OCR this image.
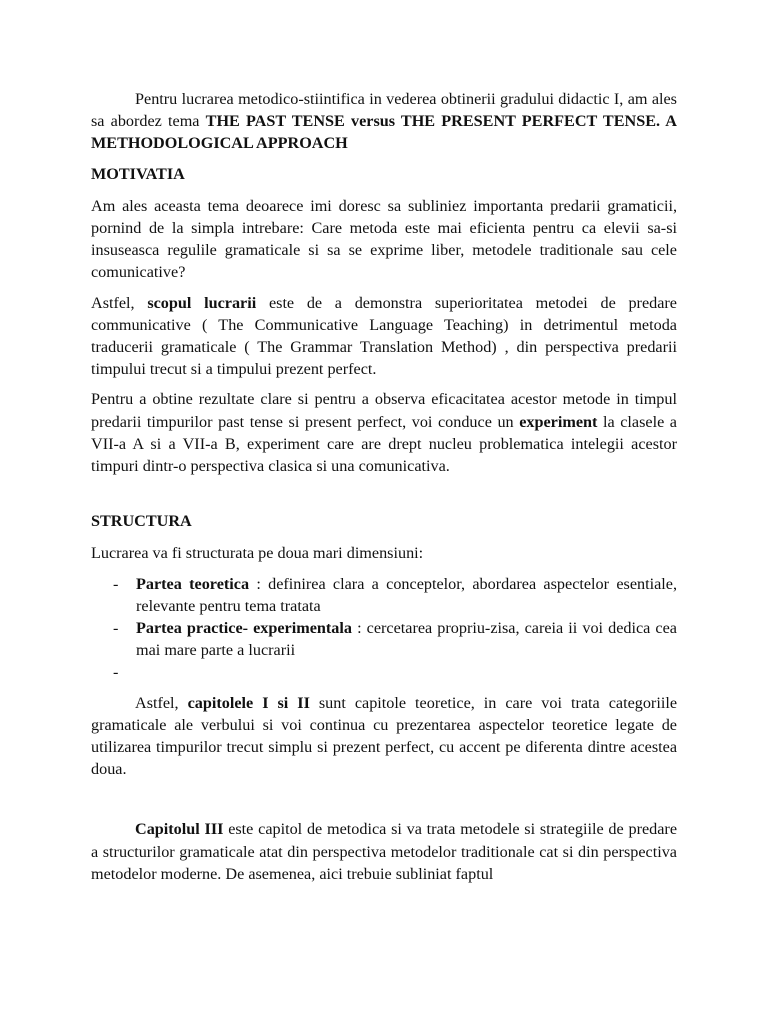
Pentru lucrarea metodico-stiintifica in vederea obtinerii gradului didactic I, am ales sa abordez tema THE PAST TENSE versus THE PRESENT PERFECT TENSE. A METHODOLOGICAL APPROACH

MOTIVATIA

Am ales aceasta tema deoarece imi doresc sa subliniez importanta predarii gramaticii, pornind de la simpla intrebare: Care metoda este mai eficienta pentru ca elevii sa-si insuseasca regulile gramaticale si sa se exprime liber, metodele traditionale sau cele comunicative?

Astfel, scopul lucrarii este de a demonstra superioritatea metodei de predare communicative ( The Communicative Language Teaching) in detrimentul metoda traducerii gramaticale ( The Grammar Translation Method) , din perspectiva predarii timpului trecut si a timpului prezent perfect.

Pentru a obtine rezultate clare si pentru a observa eficacitatea acestor metode in timpul predarii timpurilor past tense si present perfect, voi conduce un experiment la clasele a VII-a A si a VII-a B, experiment care are drept nucleu problematica intelegii acestor timpuri dintr-o perspectiva clasica si una comunicativa.

STRUCTURA

Lucrarea va fi structurata pe doua mari dimensiuni:

- Partea teoretica : definirea clara a conceptelor, abordarea aspectelor esentiale, relevante pentru tema tratata
- Partea practice- experimentala : cercetarea propriu-zisa, careia ii voi dedica cea mai mare parte a lucrarii
-

Astfel, capitolele I si II sunt capitole teoretice, in care voi trata categoriile gramaticale ale verbului si voi continua cu prezentarea aspectelor teoretice legate de utilizarea timpurilor trecut simplu si prezent perfect, cu accent pe diferenta dintre acestea doua.

Capitolul III este capitol de metodica si va trata metodele si strategiile de predare a structurilor gramaticale atat din perspectiva metodelor traditionale cat si din perspectiva metodelor moderne. De asemenea, aici trebuie subliniat faptul
